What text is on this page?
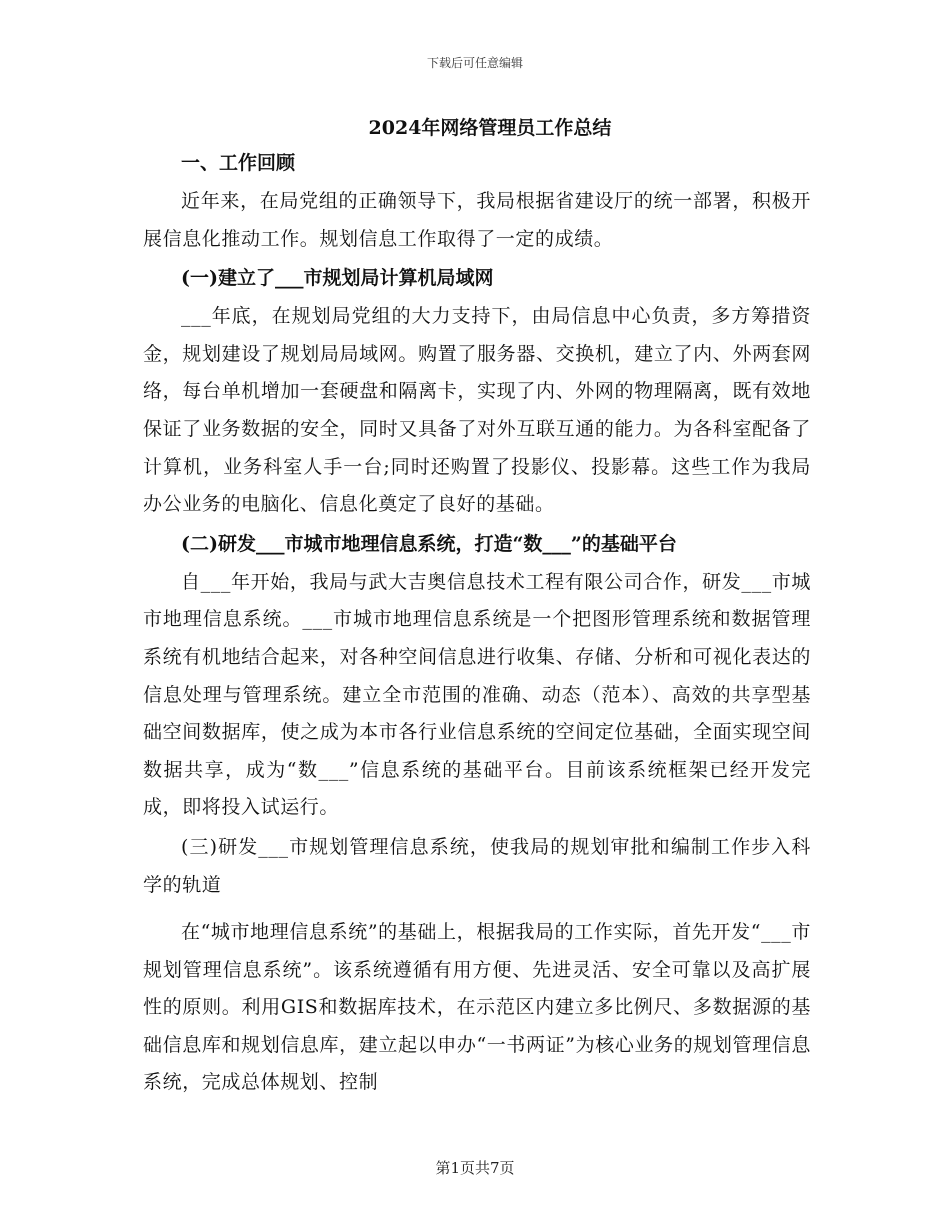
下载后可任意编辑
2024年网络管理员工作总结
一、工作回顾

近年来，在局党组的正确领导下，我局根据省建设厅的统一部署，积极开展信息化推动工作。规划信息工作取得了一定的成绩。

(一)建立了___市规划局计算机局域网

___年底，在规划局党组的大力支持下，由局信息中心负责，多方筹措资金，规划建设了规划局局域网。购置了服务器、交换机，建立了内、外两套网络，每台单机增加一套硬盘和隔离卡，实现了内、外网的物理隔离，既有效地保证了业务数据的安全，同时又具备了对外互联互通的能力。为各科室配备了计算机，业务科室人手一台;同时还购置了投影仪、投影幕。这些工作为我局办公业务的电脑化、信息化奠定了良好的基础。

(二)研发___市城市地理信息系统，打造“数___”的基础平台

自___年开始，我局与武大吉奥信息技术工程有限公司合作，研发___市城市地理信息系统。___市城市地理信息系统是一个把图形管理系统和数据管理系统有机地结合起来，对各种空间信息进行收集、存储、分析和可视化表达的信息处理与管理系统。建立全市范围的准确、动态（范本）、高效的共享型基础空间数据库，使之成为本市各行业信息系统的空间定位基础，全面实现空间数据共享，成为“数___”信息系统的基础平台。目前该系统框架已经开发完成，即将投入试运行。

(三)研发___市规划管理信息系统，使我局的规划审批和编制工作步入科学的轨道

在“城市地理信息系统”的基础上，根据我局的工作实际，首先开发“___市规划管理信息系统”。该系统遵循有用方便、先进灵活、安全可靠以及高扩展性的原则。利用GIS和数据库技术，在示范区内建立多比例尺、多数据源的基础信息库和规划信息库，建立起以申办“一书两证”为核心业务的规划管理信息系统，完成总体规划、控制

第1页共7页
